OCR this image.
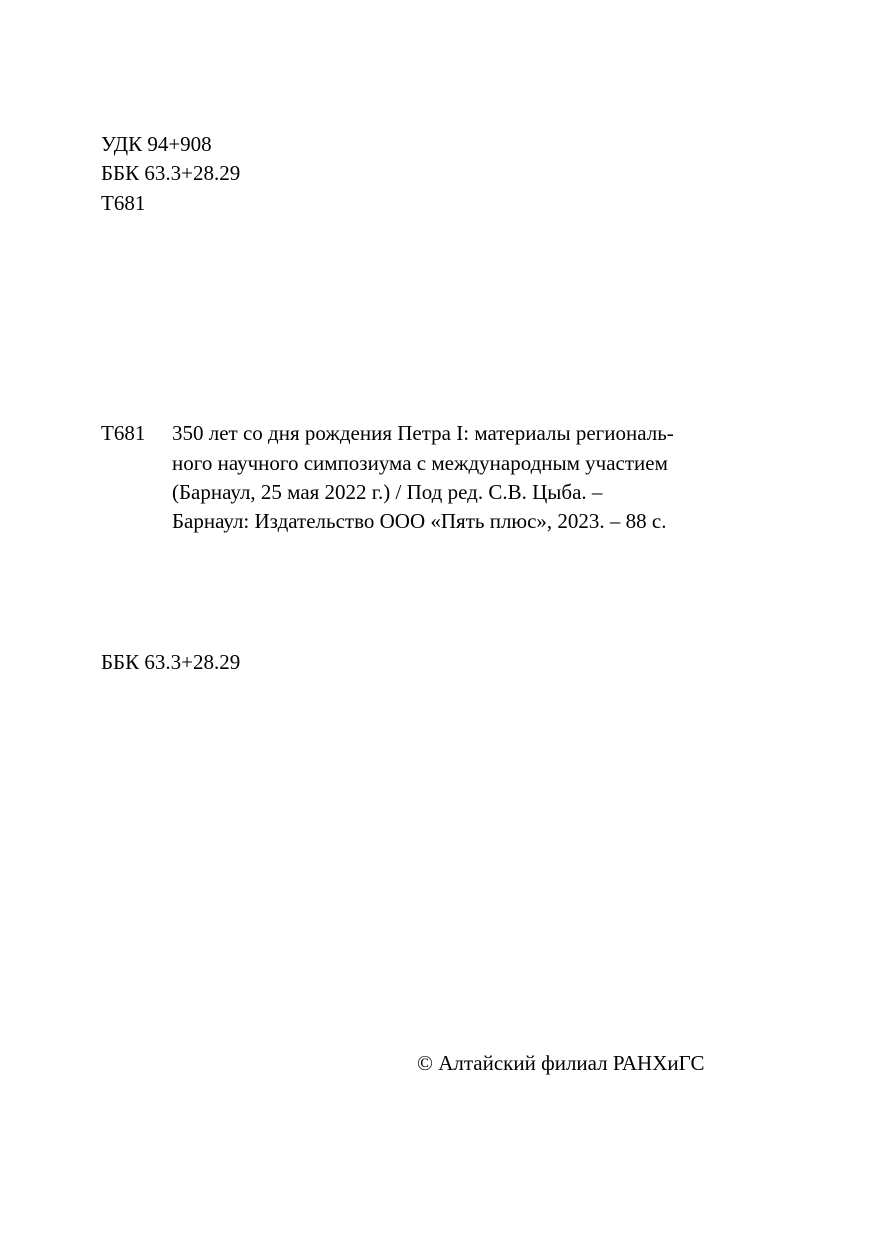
УДК 94+908
ББК 63.3+28.29
Т681
Т681 350 лет со дня рождения Петра I: материалы региональ-
ного научного симпозиума с международным участием
(Барнаул, 25 мая 2022 г.) / Под ред. С.В. Цыба. –
Барнаул: Издательство ООО «Пять плюс», 2023. – 88 с.
ББК 63.3+28.29
© Алтайский филиал РАНХиГС
